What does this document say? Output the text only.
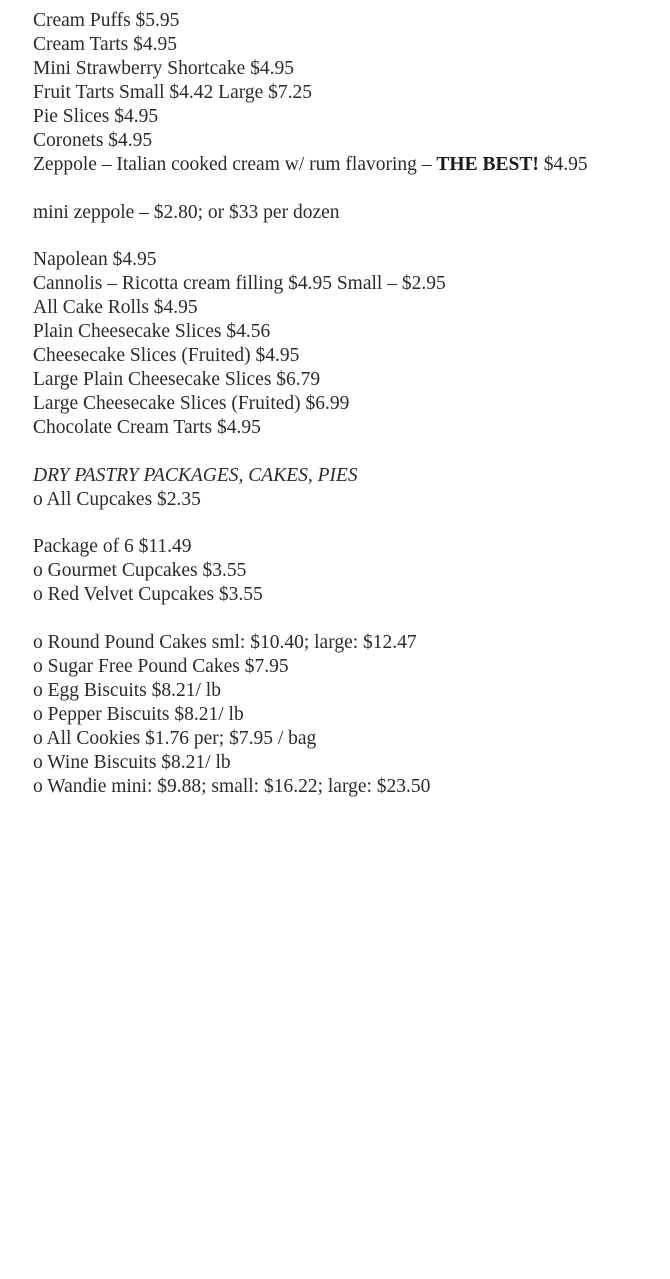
Cream Puffs $5.95

Cream Tarts $4.95

Mini Strawberry Shortcake $4.95

Fruit Tarts Small $4.42 Large $7.25

Pie Slices $4.95

Coronets $4.95

Zeppole – Italian cooked cream w/ rum flavoring – THE BEST! $4.95

mini zeppole – $2.80; or $33 per dozen

Napolean $4.95

Cannolis – Ricotta cream filling $4.95 Small – $2.95

All Cake Rolls $4.95

Plain Cheesecake Slices $4.56

Cheesecake Slices (Fruited) $4.95

Large Plain Cheesecake Slices $6.79

Large Cheesecake Slices (Fruited) $6.99

Chocolate Cream Tarts $4.95

DRY PASTRY PACKAGES, CAKES, PIES

o All Cupcakes $2.35

Package of 6 $11.49

o Gourmet Cupcakes $3.55

o Red Velvet Cupcakes $3.55

o Round Pound Cakes sml: $10.40; large: $12.47

o Sugar Free Pound Cakes $7.95

o Egg Biscuits $8.21/ lb

o Pepper Biscuits $8.21/ lb

o All Cookies $1.76 per; $7.95 / bag

o Wine Biscuits $8.21/ lb

o Wandie mini: $9.88; small: $16.22; large: $23.50
